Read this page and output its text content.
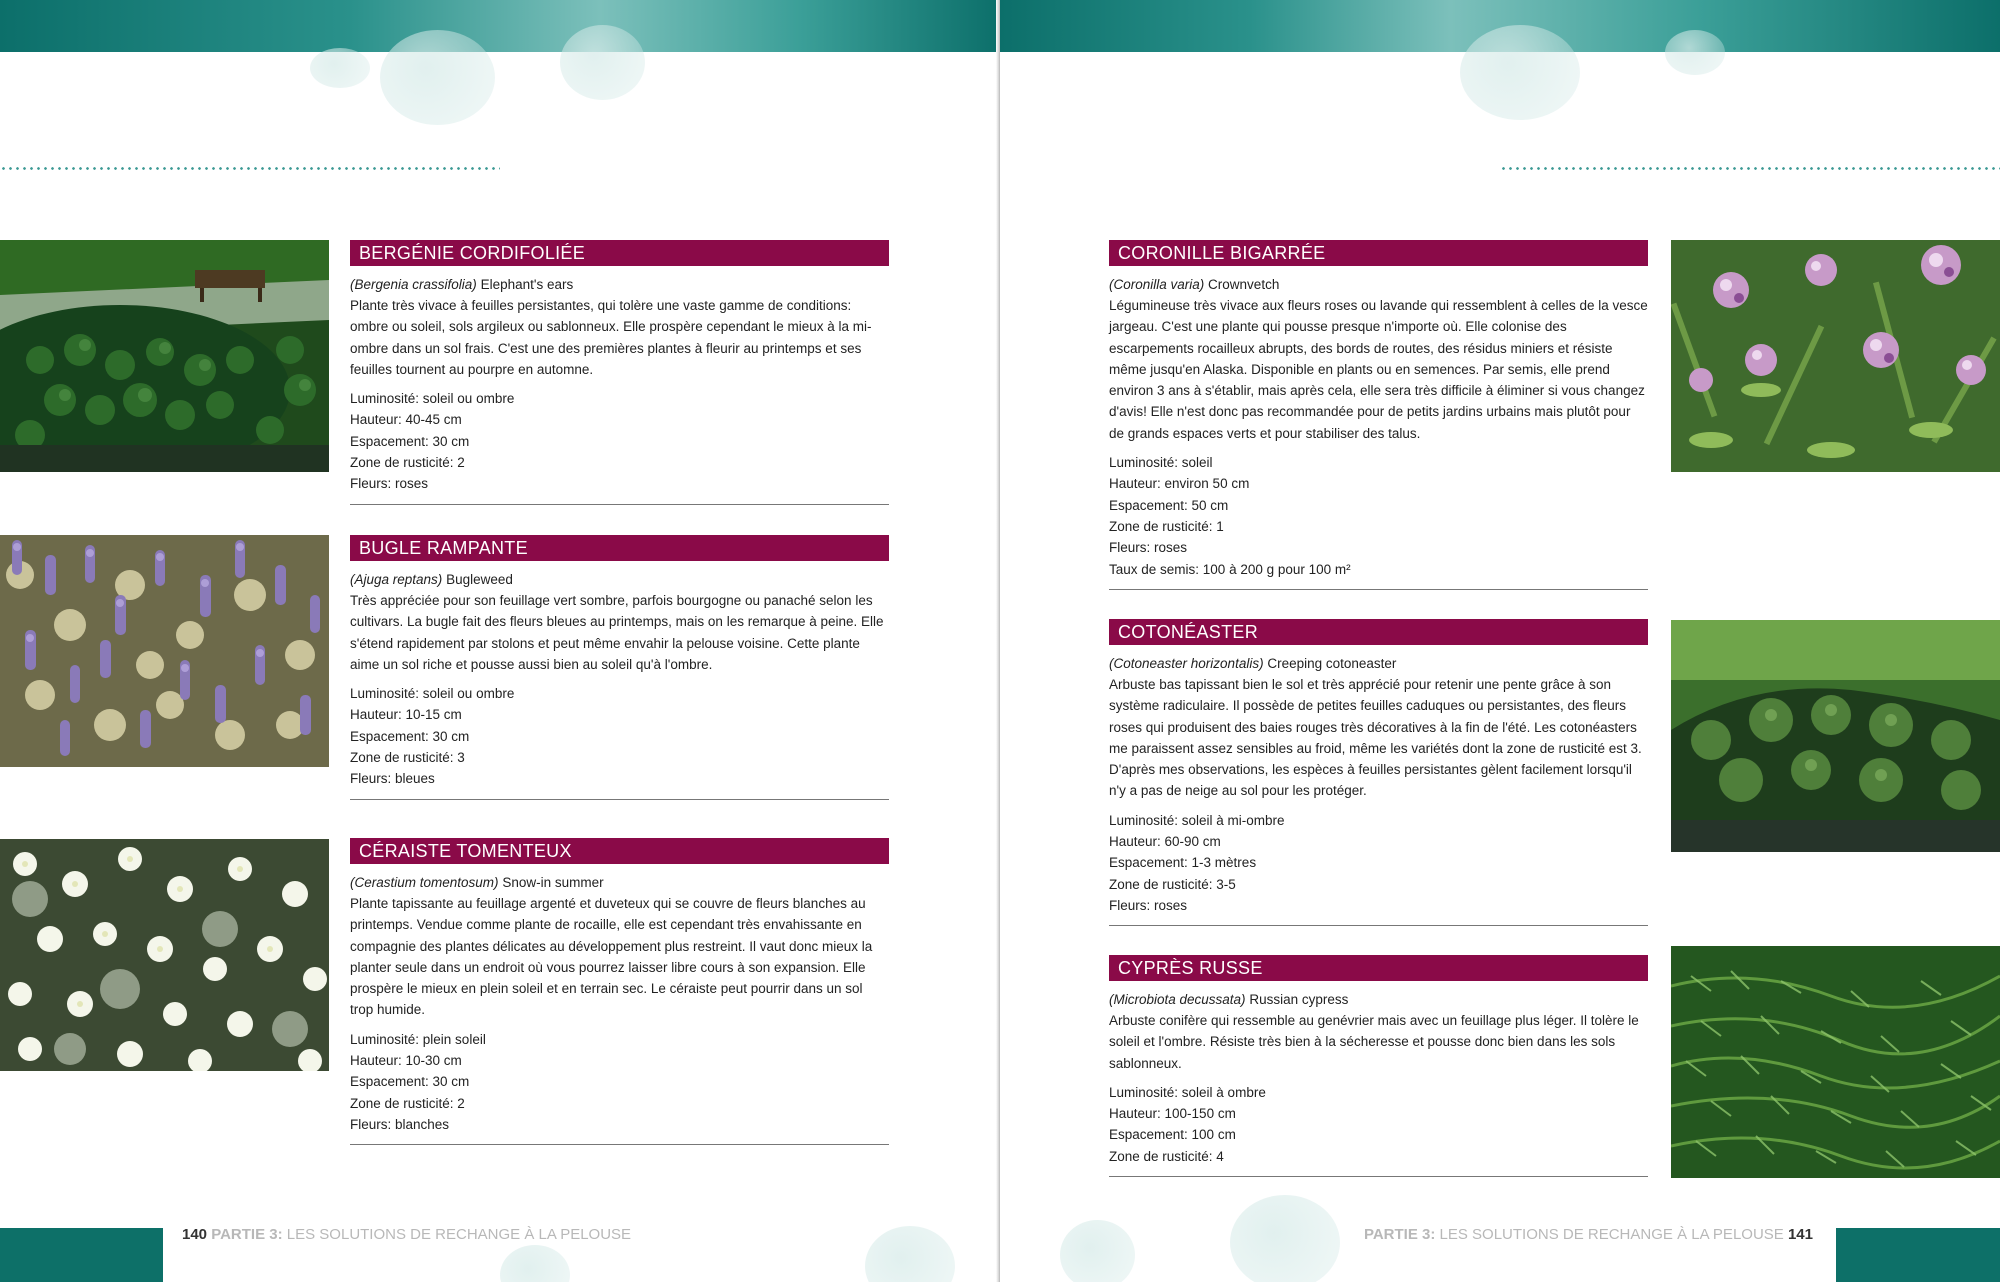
BERGÉNIE CORDIFOLIÉE
(Bergenia crassifolia) Elephant's ears
Plante très vivace à feuilles persistantes, qui tolère une vaste gamme de conditions: ombre ou soleil, sols argileux ou sablonneux. Elle prospère cependant le mieux à la mi-ombre dans un sol frais. C'est une des premières plantes à fleurir au printemps et ses feuilles tournent au pourpre en automne.
Luminosité: soleil ou ombre
Hauteur: 40-45 cm
Espacement: 30 cm
Zone de rusticité: 2
Fleurs: roses
BUGLE RAMPANTE
(Ajuga reptans) Bugleweed
Très appréciée pour son feuillage vert sombre, parfois bourgogne ou panaché selon les cultivars. La bugle fait des fleurs bleues au printemps, mais on les remarque à peine. Elle s'étend rapidement par stolons et peut même envahir la pelouse voisine. Cette plante aime un sol riche et pousse aussi bien au soleil qu'à l'ombre.
Luminosité: soleil ou ombre
Hauteur: 10-15 cm
Espacement: 30 cm
Zone de rusticité: 3
Fleurs: bleues
CÉRAISTE TOMENTEUX
(Cerastium tomentosum) Snow-in summer
Plante tapissante au feuillage argenté et duveteux qui se couvre de fleurs blanches au printemps. Vendue comme plante de rocaille, elle est cependant très envahissante en compagnie des plantes délicates au développement plus restreint. Il vaut donc mieux la planter seule dans un endroit où vous pourrez laisser libre cours à son expansion. Elle prospère le mieux en plein soleil et en terrain sec. Le céraiste peut pourrir dans un sol trop humide.
Luminosité: plein soleil
Hauteur: 10-30 cm
Espacement: 30 cm
Zone de rusticité: 2
Fleurs: blanches
140 PARTIE 3: LES SOLUTIONS DE RECHANGE À LA PELOUSE
CORONILLE BIGARRÉE
(Coronilla varia) Crownvetch
Légumineuse très vivace aux fleurs roses ou lavande qui ressemblent à celles de la vesce jargeau. C'est une plante qui pousse presque n'importe où. Elle colonise des escarpements rocailleux abrupts, des bords de routes, des résidus miniers et résiste même jusqu'en Alaska. Disponible en plants ou en semences. Par semis, elle prend environ 3 ans à s'établir, mais après cela, elle sera très difficile à éliminer si vous changez d'avis! Elle n'est donc pas recommandée pour de petits jardins urbains mais plutôt pour de grands espaces verts et pour stabiliser des talus.
Luminosité: soleil
Hauteur: environ 50 cm
Espacement: 50 cm
Zone de rusticité: 1
Fleurs: roses
Taux de semis: 100 à 200 g pour 100 m²
COTONÉASTER
(Cotoneaster horizontalis) Creeping cotoneaster
Arbuste bas tapissant bien le sol et très apprécié pour retenir une pente grâce à son système radiculaire. Il possède de petites feuilles caduques ou persistantes, des fleurs roses qui produisent des baies rouges très décoratives à la fin de l'été. Les cotonéasters me paraissent assez sensibles au froid, même les variétés dont la zone de rusticité est 3. D'après mes observations, les espèces à feuilles persistantes gèlent facilement lorsqu'il n'y a pas de neige au sol pour les protéger.
Luminosité: soleil à mi-ombre
Hauteur: 60-90 cm
Espacement: 1-3 mètres
Zone de rusticité: 3-5
Fleurs: roses
CYPRÈS RUSSE
(Microbiota decussata) Russian cypress
Arbuste conifère qui ressemble au genévrier mais avec un feuillage plus léger. Il tolère le soleil et l'ombre. Résiste très bien à la sécheresse et pousse donc bien dans les sols sablonneux.
Luminosité: soleil à ombre
Hauteur: 100-150 cm
Espacement: 100 cm
Zone de rusticité: 4
PARTIE 3: LES SOLUTIONS DE RECHANGE À LA PELOUSE 141
